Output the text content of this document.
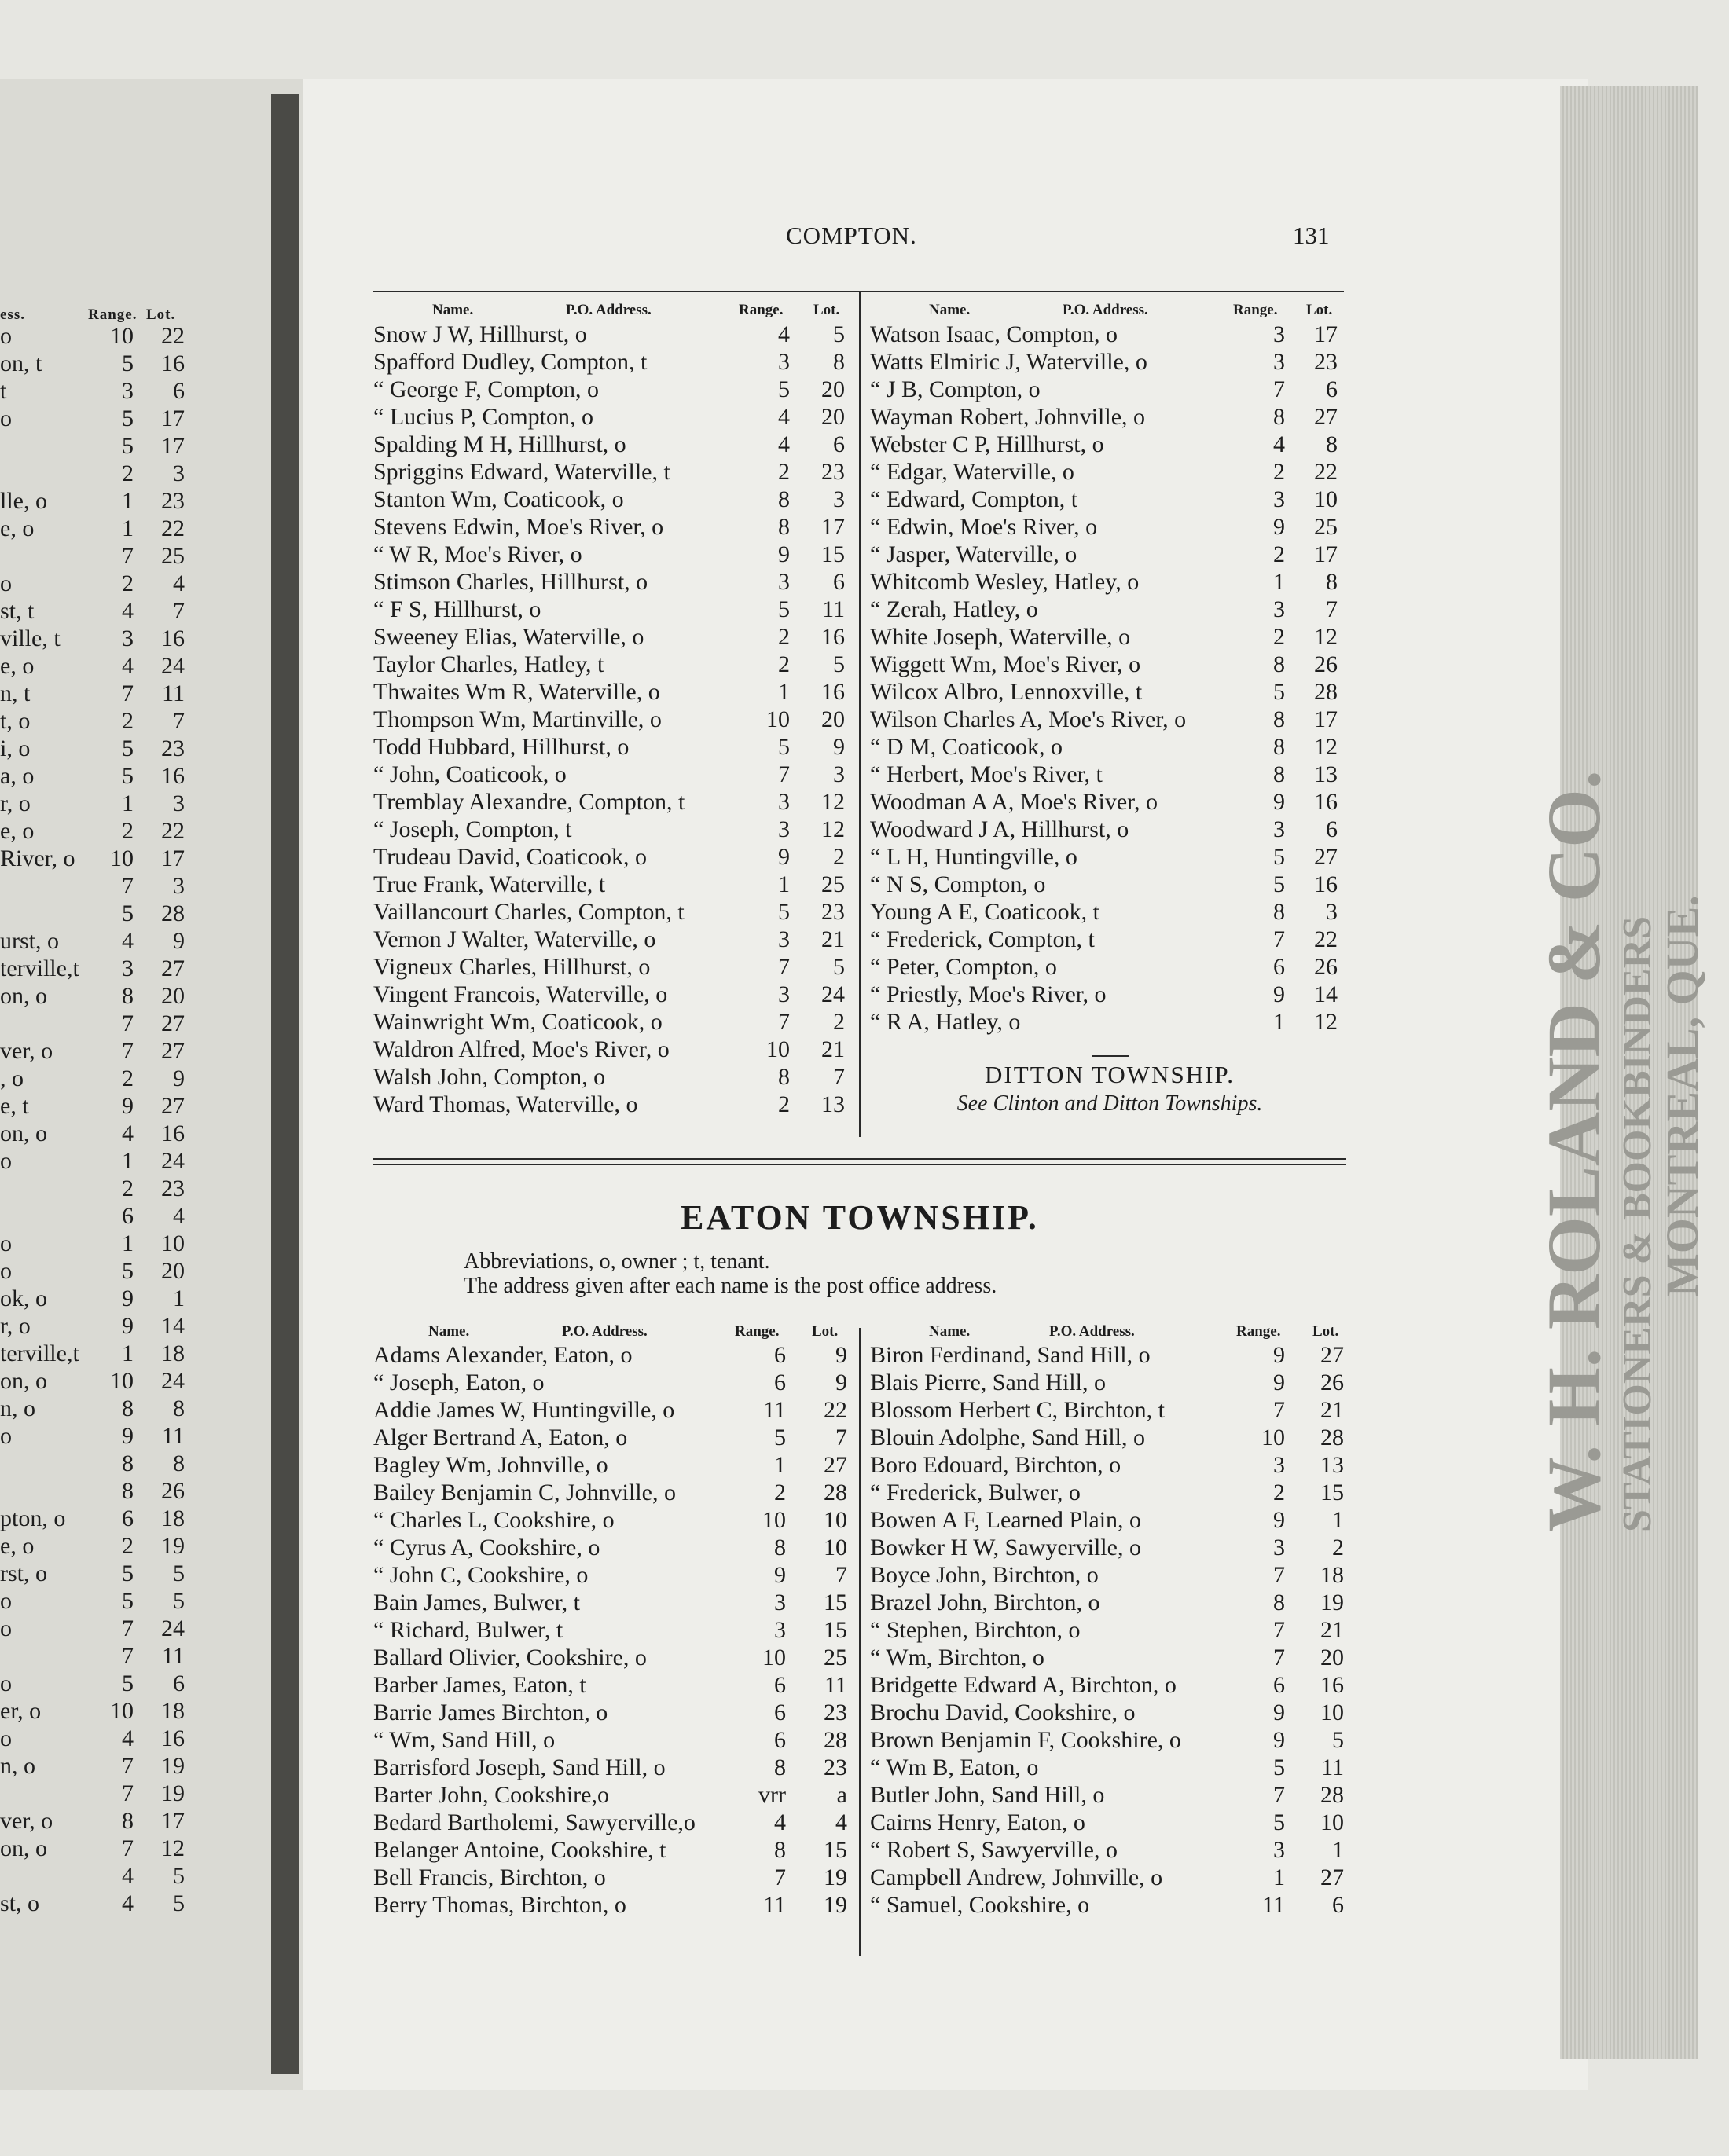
ess.	Range. Lot.
o	10	22
on, t	5	16
t	3	6
o	5	17
5	17
2	3
lle, o	1	23
e, o	1	22
7	25
o	2	4
st, t	4	7
ville, t	3	16
e, o	4	24
n, t	7	11
t, o	2	7
i, o	5	23
a, o	5	16
r, o	1	3
e, o	2	22
River, o	10	17
7	3
5	28
urst, o	4	9
terville,t	3	27
on, o	8	20
7	27
ver, o	7	27
, o	2	9
e, t	9	27
on, o	4	16
o	1	24
2	23
6	4
o	1	10
o	5	20
ok, o	9	1
r, o	9	14
terville,t	1	18
on, o	10	24
n, o	8	8
o	9	11
8	8
8	26
pton, o	6	18
e, o	2	19
rst, o	5	5
o	5	5
o	7	24
7	11
o	5	6
er, o	10	18
o	4	16
n, o	7	19
7	19
ver, o	8	17
on, o	7	12
4	5
st, o	4	5
W. H. ROLAND & CO. STATIONERS & BOOKBINDERS
MONTREAL, QUE.
COMPTON.	131
Name.	P.O. Address.	Range. Lot.	Name.	P.O. Address.	Range. Lot.
Snow J W, Hillhurst, o	4	5
Spafford Dudley, Compton, t	3	8
“ George F, Compton, o	5	20
“ Lucius P, Compton, o	4	20
Spalding M H, Hillhurst, o	4	6
Spriggins Edward, Waterville, t	2	23
Stanton Wm, Coaticook, o	8	3
Stevens Edwin, Moe's River, o	8	17
“ W R, Moe's River, o	9	15
Stimson Charles, Hillhurst, o	3	6
“ F S, Hillhurst, o	5	11
Sweeney Elias, Waterville, o	2	16
Taylor Charles, Hatley, t	2	5
Thwaites Wm R, Waterville, o	1	16
Thompson Wm, Martinville, o	10	20
Todd Hubbard, Hillhurst, o	5	9
“ John, Coaticook, o	7	3
Tremblay Alexandre, Compton, t	3	12
“ Joseph, Compton, t	3	12
Trudeau David, Coaticook, o	9	2
True Frank, Waterville, t	1	25
Vaillancourt Charles, Compton, t	5	23
Vernon J Walter, Waterville, o	3	21
Vigneux Charles, Hillhurst, o	7	5
Vingent Francois, Waterville, o	3	24
Wainwright Wm, Coaticook, o	7	2
Waldron Alfred, Moe's River, o	10	21
Walsh John, Compton, o	8	7
Ward Thomas, Waterville, o	2	13
Watson Isaac, Compton, o	3	17
Watts Elmiric J, Waterville, o	3	23
“ J B, Compton, o	7	6
Wayman Robert, Johnville, o	8	27
Webster C P, Hillhurst, o	4	8
“ Edgar, Waterville, o	2	22
“ Edward, Compton, t	3	10
“ Edwin, Moe's River, o	9	25
“ Jasper, Waterville, o	2	17
Whitcomb Wesley, Hatley, o	1	8
“ Zerah, Hatley, o	3	7
White Joseph, Waterville, o	2	12
Wiggett Wm, Moe's River, o	8	26
Wilcox Albro, Lennoxville, t	5	28
Wilson Charles A, Moe's River, o	8	17
“ D M, Coaticook, o	8	12
“ Herbert, Moe's River, t	8	13
Woodman A A, Moe's River, o	9	16
Woodward J A, Hillhurst, o	3	6
“ L H, Huntingville, o	5	27
“ N S, Compton, o	5	16
Young A E, Coaticook, t	8	3
“ Frederick, Compton, t	7	22
“ Peter, Compton, o	6	26
“ Priestly, Moe's River, o	9	14
“ R A, Hatley, o	1	12
DITTON TOWNSHIP.
See Clinton and Ditton Townships.
EATON TOWNSHIP.
Abbreviations, o, owner ; t, tenant.
The address given after each name is the post office address.
Name.	P.O. Address.	Range. Lot.	Name.	P.O. Address.	Range. Lot.
Adams Alexander, Eaton, o	6	9
“ Joseph, Eaton, o	6	9
Addie James W, Huntingville, o	11	22
Alger Bertrand A, Eaton, o	5	7
Bagley Wm, Johnville, o	1	27
Bailey Benjamin C, Johnville, o	2	28
“ Charles L, Cookshire, o	10	10
“ Cyrus A, Cookshire, o	8	10
“ John C, Cookshire, o	9	7
Bain James, Bulwer, t	3	15
“ Richard, Bulwer, t	3	15
Ballard Olivier, Cookshire, o	10	25
Barber James, Eaton, t	6	11
Barrie James Birchton, o	6	23
“ Wm, Sand Hill, o	6	28
Barrisford Joseph, Sand Hill, o	8	23
Barter John, Cookshire,o	vrr	a
Bedard Bartholemi, Sawyerville,o	4	4
Belanger Antoine, Cookshire, t	8	15
Bell Francis, Birchton, o	7	19
Berry Thomas, Birchton, o	11	19
Biron Ferdinand, Sand Hill, o	9	27
Blais Pierre, Sand Hill, o	9	26
Blossom Herbert C, Birchton, t	7	21
Blouin Adolphe, Sand Hill, o	10	28
Boro Edouard, Birchton, o	3	13
“ Frederick, Bulwer, o	2	15
Bowen A F, Learned Plain, o	9	1
Bowker H W, Sawyerville, o	3	2
Boyce John, Birchton, o	7	18
Brazel John, Birchton, o	8	19
“ Stephen, Birchton, o	7	21
“ Wm, Birchton, o	7	20
Bridgette Edward A, Birchton, o	6	16
Brochu David, Cookshire, o	9	10
Brown Benjamin F, Cookshire, o	9	5
“ Wm B, Eaton, o	5	11
Butler John, Sand Hill, o	7	28
Cairns Henry, Eaton, o	5	10
“ Robert S, Sawyerville, o	3	1
Campbell Andrew, Johnville, o	1	27
“ Samuel, Cookshire, o	11	6
